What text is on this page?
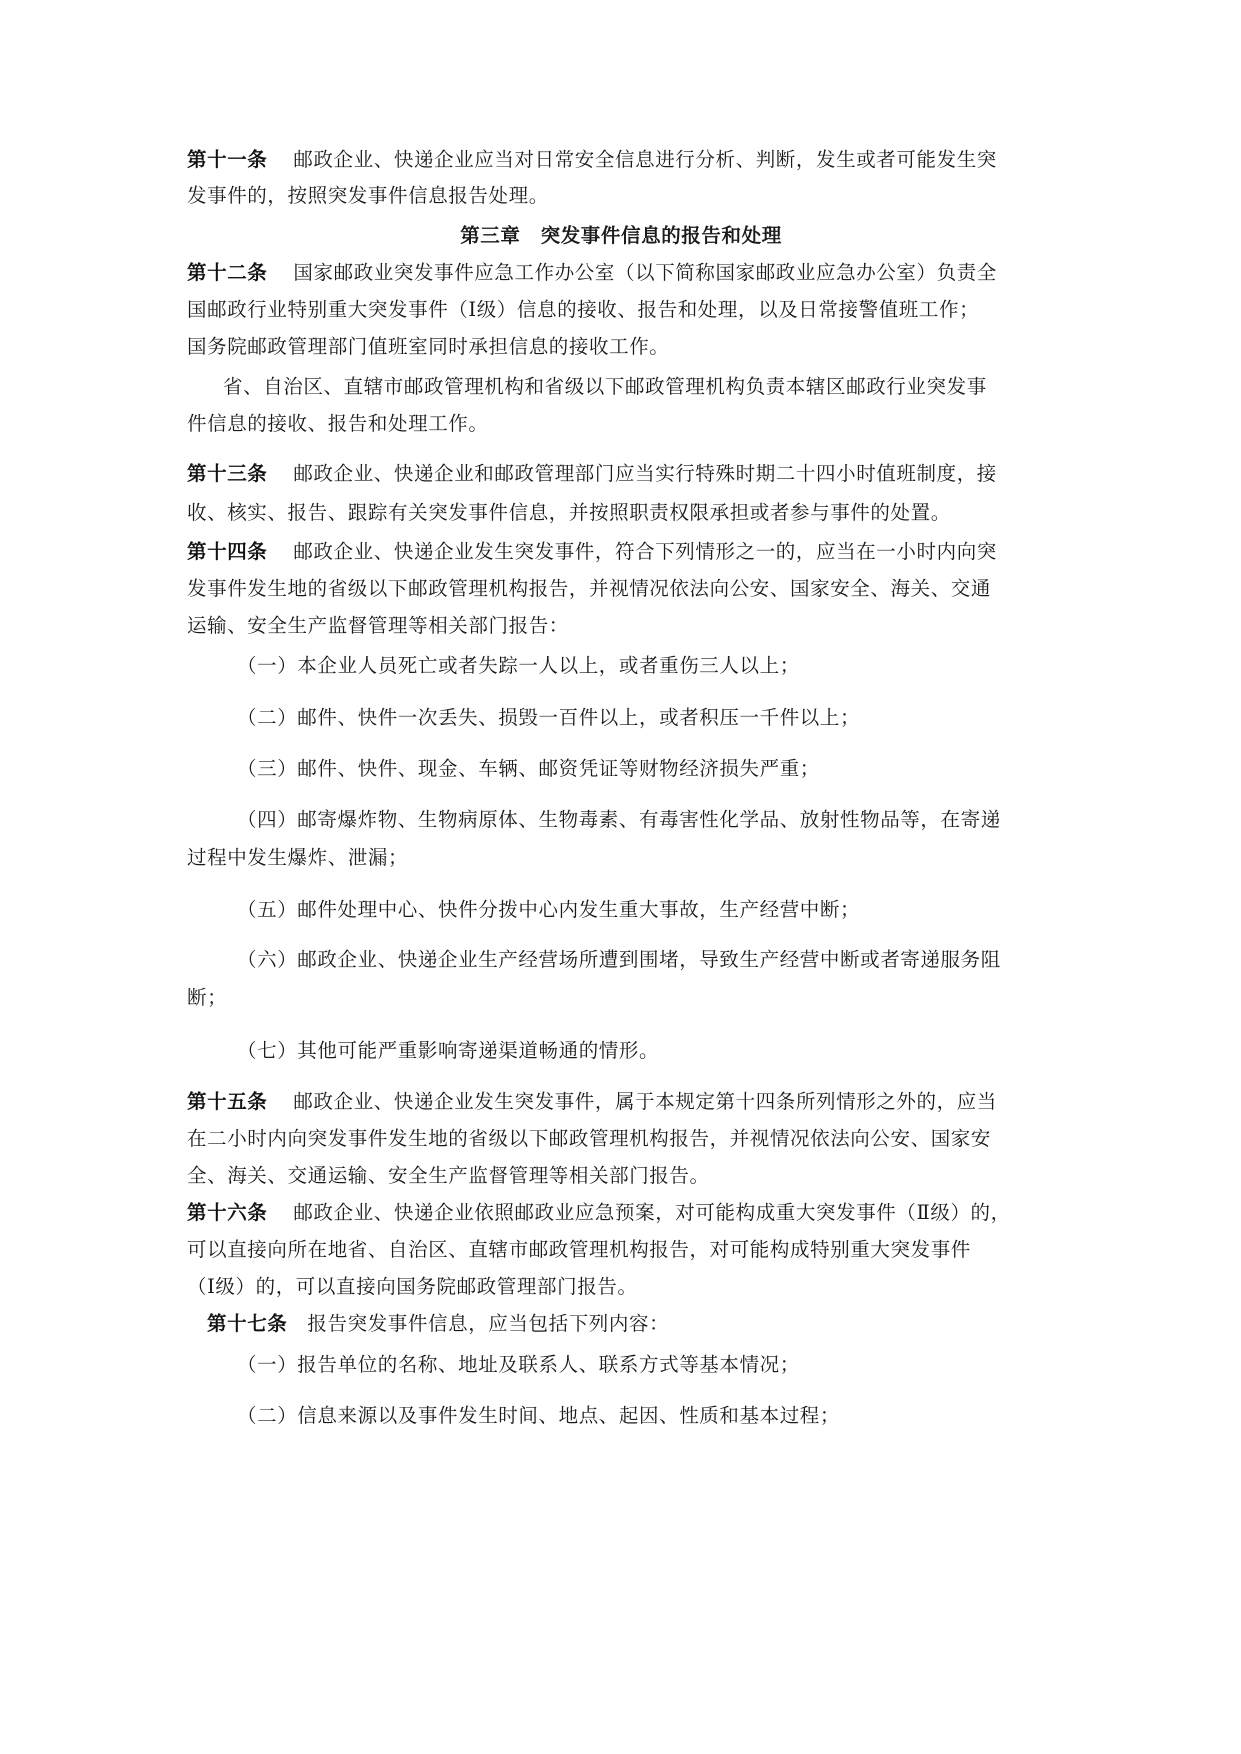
第十一条 邮政企业、快递企业应当对日常安全信息进行分析、判断，发生或者可能发生突
发事件的，按照突发事件信息报告处理。
第三章　突发事件信息的报告和处理
第十二条 国家邮政业突发事件应急工作办公室（以下简称国家邮政业应急办公室）负责全
国邮政行业特别重大突发事件（Ⅰ级）信息的接收、报告和处理，以及日常接警值班工作；
国务院邮政管理部门值班室同时承担信息的接收工作。
省、自治区、直辖市邮政管理机构和省级以下邮政管理机构负责本辖区邮政行业突发事
件信息的接收、报告和处理工作。
第十三条 邮政企业、快递企业和邮政管理部门应当实行特殊时期二十四小时值班制度，接
收、核实、报告、跟踪有关突发事件信息，并按照职责权限承担或者参与事件的处置。
第十四条 邮政企业、快递企业发生突发事件，符合下列情形之一的，应当在一小时内向突
发事件发生地的省级以下邮政管理机构报告，并视情况依法向公安、国家安全、海关、交通
运输、安全生产监督管理等相关部门报告：
（一）本企业人员死亡或者失踪一人以上，或者重伤三人以上；
（二）邮件、快件一次丢失、损毁一百件以上，或者积压一千件以上；
（三）邮件、快件、现金、车辆、邮资凭证等财物经济损失严重；
（四）邮寄爆炸物、生物病原体、生物毒素、有毒害性化学品、放射性物品等，在寄递
过程中发生爆炸、泄漏；
（五）邮件处理中心、快件分拨中心内发生重大事故，生产经营中断；
（六）邮政企业、快递企业生产经营场所遭到围堵，导致生产经营中断或者寄递服务阻
断；
（七）其他可能严重影响寄递渠道畅通的情形。
第十五条 邮政企业、快递企业发生突发事件，属于本规定第十四条所列情形之外的，应当
在二小时内向突发事件发生地的省级以下邮政管理机构报告，并视情况依法向公安、国家安
全、海关、交通运输、安全生产监督管理等相关部门报告。
第十六条 邮政企业、快递企业依照邮政业应急预案，对可能构成重大突发事件（Ⅱ级）的，
可以直接向所在地省、自治区、直辖市邮政管理机构报告，对可能构成特别重大突发事件
（Ⅰ级）的，可以直接向国务院邮政管理部门报告。
第十七条 报告突发事件信息，应当包括下列内容：
（一）报告单位的名称、地址及联系人、联系方式等基本情况；
（二）信息来源以及事件发生时间、地点、起因、性质和基本过程；
